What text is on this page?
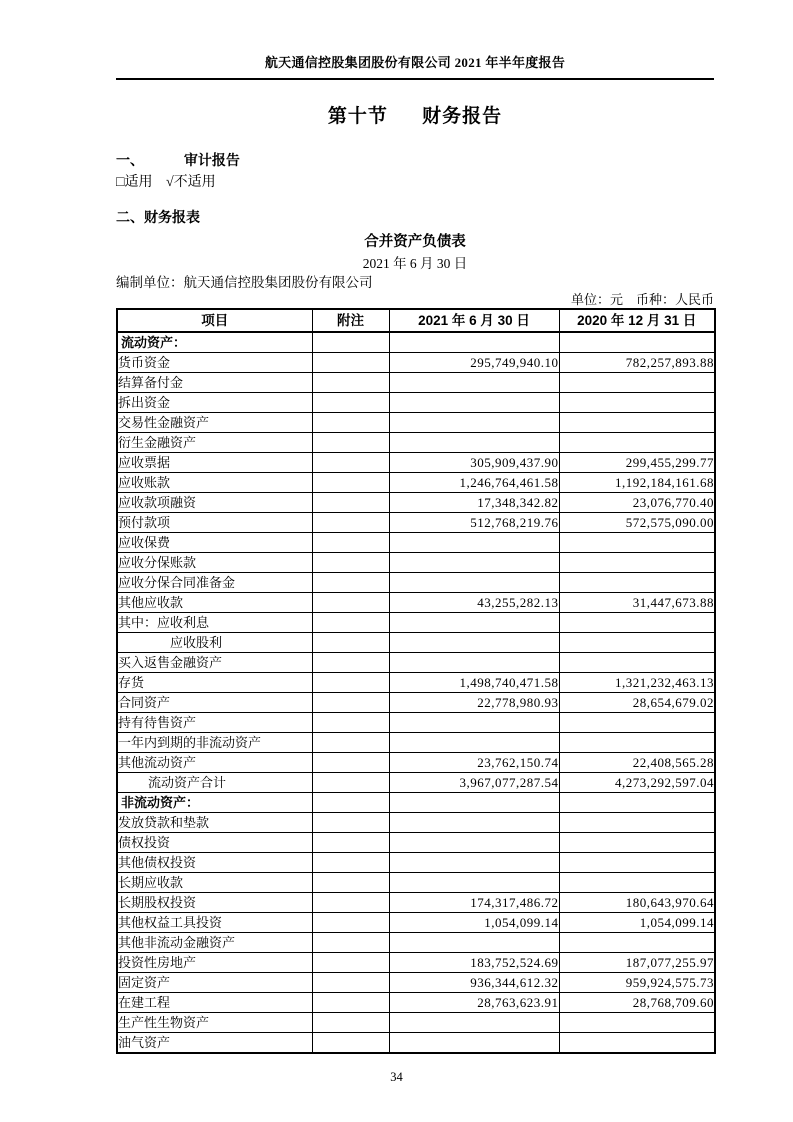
航天通信控股集团股份有限公司 2021 年半年度报告
第十节 财务报告
一、	审计报告
□适用 √不适用
二、财务报表
合并资产负债表
2021 年 6 月 30 日
编制单位：航天通信控股集团股份有限公司
单位：元　币种：人民币
项目	附注	2021 年 6 月 30 日	2020 年 12 月 31 日
流动资产：			
货币资金		295,749,940.10	782,257,893.88
结算备付金			
拆出资金			
交易性金融资产			
衍生金融资产			
应收票据		305,909,437.90	299,455,299.77
应收账款		1,246,764,461.58	1,192,184,161.68
应收款项融资		17,348,342.82	23,076,770.40
预付款项		512,768,219.76	572,575,090.00
应收保费			
应收分保账款			
应收分保合同准备金			
其他应收款		43,255,282.13	31,447,673.88
其中：应收利息			
应收股利			
买入返售金融资产			
存货		1,498,740,471.58	1,321,232,463.13
合同资产		22,778,980.93	28,654,679.02
持有待售资产			
一年内到期的非流动资产			
其他流动资产		23,762,150.74	22,408,565.28
流动资产合计		3,967,077,287.54	4,273,292,597.04
非流动资产：			
发放贷款和垫款			
债权投资			
其他债权投资			
长期应收款			
长期股权投资		174,317,486.72	180,643,970.64
其他权益工具投资		1,054,099.14	1,054,099.14
其他非流动金融资产			
投资性房地产		183,752,524.69	187,077,255.97
固定资产		936,344,612.32	959,924,575.73
在建工程		28,763,623.91	28,768,709.60
生产性生物资产			
油气资产			
34
